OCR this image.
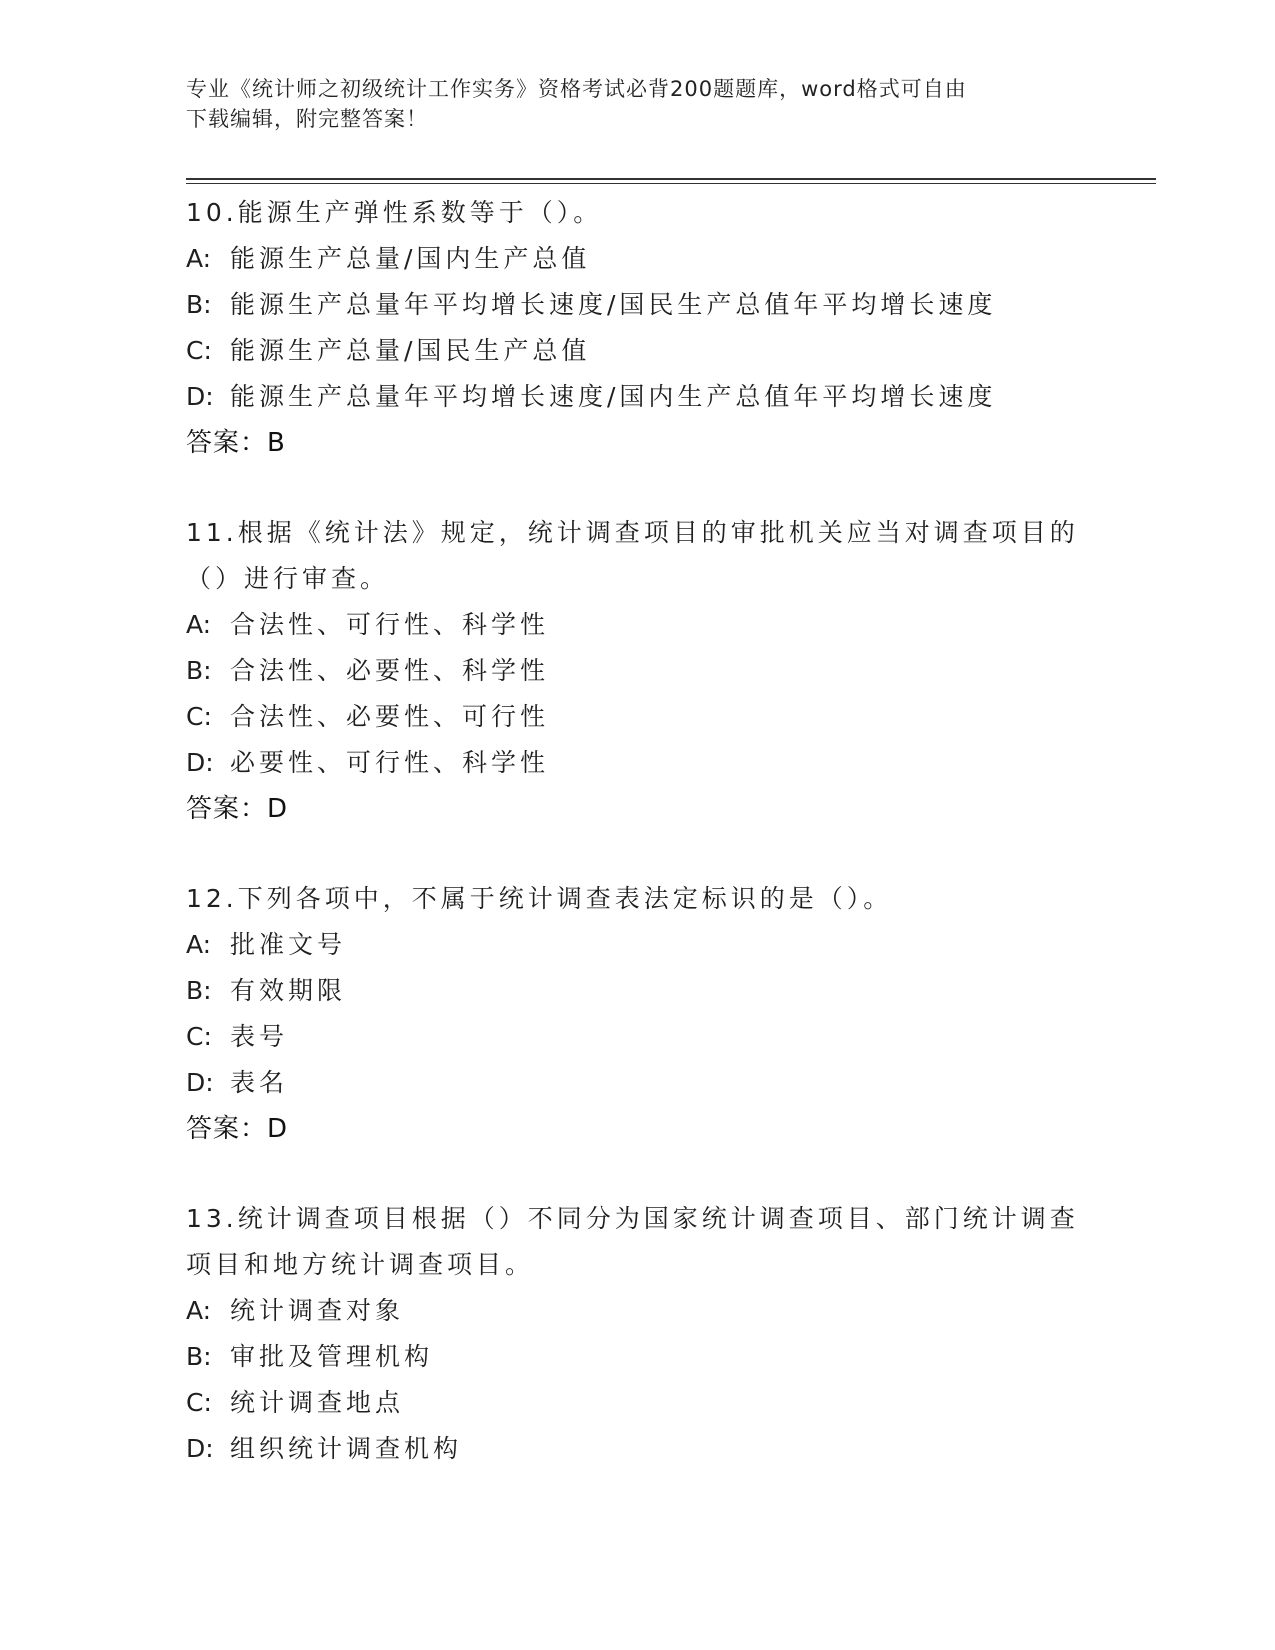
专业《统计师之初级统计工作实务》资格考试必背200题题库，word格式可自由
下载编辑，附完整答案！
10.能源生产弹性系数等于（）。
A: 能源生产总量/国内生产总值
B: 能源生产总量年平均增长速度/国民生产总值年平均增长速度
C: 能源生产总量/国民生产总值
D: 能源生产总量年平均增长速度/国内生产总值年平均增长速度
答案：B
11.根据《统计法》规定，统计调查项目的审批机关应当对调查项目的
（）进行审查。
A: 合法性、可行性、科学性
B: 合法性、必要性、科学性
C: 合法性、必要性、可行性
D: 必要性、可行性、科学性
答案：D
12.下列各项中，不属于统计调查表法定标识的是（）。
A: 批准文号
B: 有效期限
C: 表号
D: 表名
答案：D
13.统计调查项目根据（）不同分为国家统计调查项目、部门统计调查
项目和地方统计调查项目。
A: 统计调查对象
B: 审批及管理机构
C: 统计调查地点
D: 组织统计调查机构
